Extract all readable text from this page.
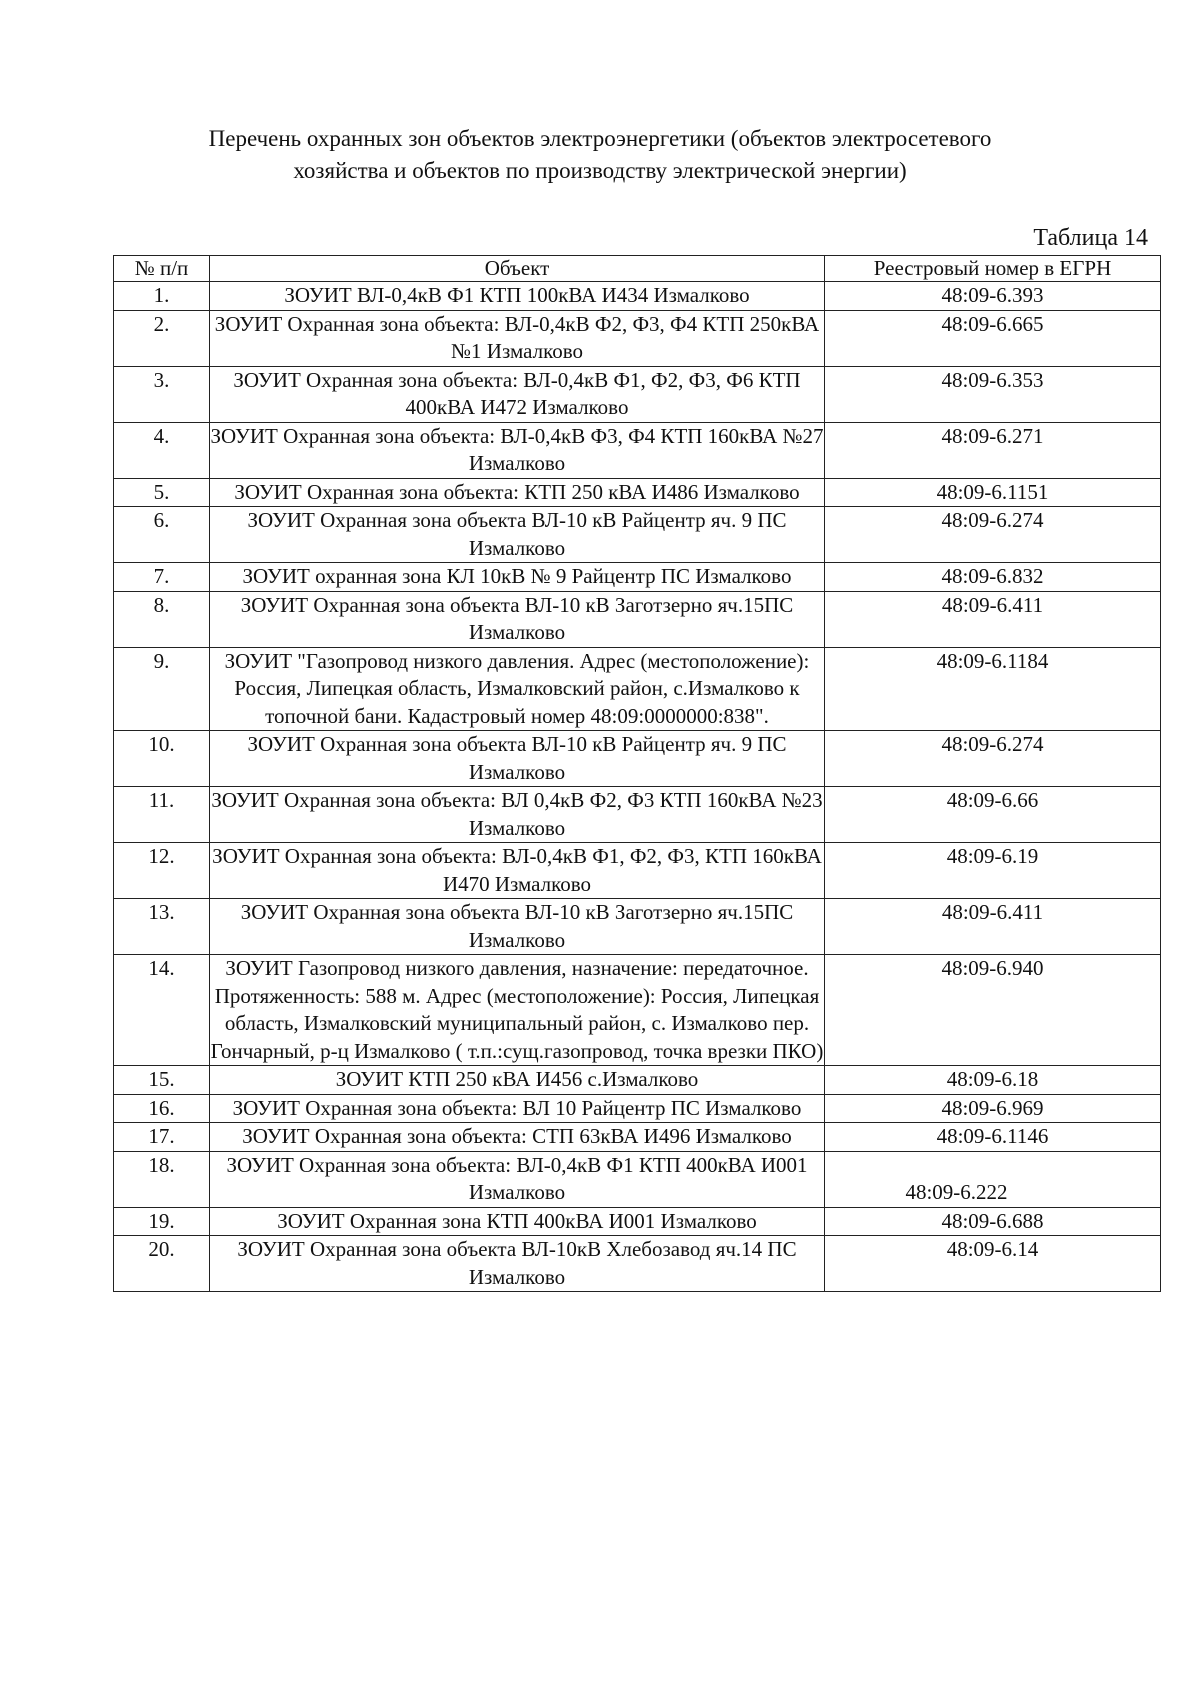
Перечень охранных зон объектов электроэнергетики (объектов электросетевого
хозяйства и объектов по производству электрической энергии)
Таблица 14
№ п/п	Объект	Реестровый номер в ЕГРН
1.	ЗОУИТ ВЛ-0,4кВ Ф1 КТП 100кВА И434 Измалково	48:09-6.393
2.	ЗОУИТ Охранная зона объекта: ВЛ-0,4кВ Ф2, Ф3, Ф4 КТП 250кВА №1 Измалково	48:09-6.665
3.	ЗОУИТ Охранная зона объекта: ВЛ-0,4кВ Ф1, Ф2, Ф3, Ф6 КТП 400кВА И472 Измалково	48:09-6.353
4.	ЗОУИТ Охранная зона объекта: ВЛ-0,4кВ Ф3, Ф4 КТП 160кВА №27 Измалково	48:09-6.271
5.	ЗОУИТ Охранная зона объекта: КТП 250 кВА И486 Измалково	48:09-6.1151
6.	ЗОУИТ Охранная зона объекта ВЛ-10 кВ Райцентр яч. 9 ПС Измалково	48:09-6.274
7.	ЗОУИТ охранная зона КЛ 10кВ № 9 Райцентр ПС Измалково	48:09-6.832
8.	ЗОУИТ Охранная зона объекта ВЛ-10 кВ Заготзерно яч.15ПС Измалково	48:09-6.411
9.	ЗОУИТ "Газопровод низкого давления. Адрес (местоположение): Россия, Липецкая область, Измалковский район, с.Измалково к топочной бани. Кадастровый номер 48:09:0000000:838".	48:09-6.1184
10.	ЗОУИТ Охранная зона объекта ВЛ-10 кВ Райцентр яч. 9 ПС Измалково	48:09-6.274
11.	ЗОУИТ Охранная зона объекта: ВЛ 0,4кВ Ф2, Ф3 КТП 160кВА №23 Измалково	48:09-6.66
12.	ЗОУИТ Охранная зона объекта: ВЛ-0,4кВ Ф1, Ф2, Ф3, КТП 160кВА И470 Измалково	48:09-6.19
13.	ЗОУИТ Охранная зона объекта ВЛ-10 кВ Заготзерно яч.15ПС Измалково	48:09-6.411
14.	ЗОУИТ Газопровод низкого давления, назначение: передаточное. Протяженность: 588 м. Адрес (местоположение): Россия, Липецкая область, Измалковский муниципальный район, с. Измалково пер. Гончарный, р-ц Измалково ( т.п.:сущ.газопровод, точка врезки ПКО)	48:09-6.940
15.	ЗОУИТ КТП 250 кВА И456 с.Измалково	48:09-6.18
16.	ЗОУИТ Охранная зона объекта: ВЛ 10 Райцентр ПС Измалково	48:09-6.969
17.	ЗОУИТ Охранная зона объекта: СТП 63кВА И496 Измалково	48:09-6.1146
18.	ЗОУИТ Охранная зона объекта: ВЛ-0,4кВ Ф1 КТП 400кВА И001 Измалково	48:09-6.222
19.	ЗОУИТ Охранная зона КТП 400кВА И001 Измалково	48:09-6.688
20.	ЗОУИТ Охранная зона объекта ВЛ-10кВ Хлебозавод яч.14 ПС Измалково	48:09-6.14
